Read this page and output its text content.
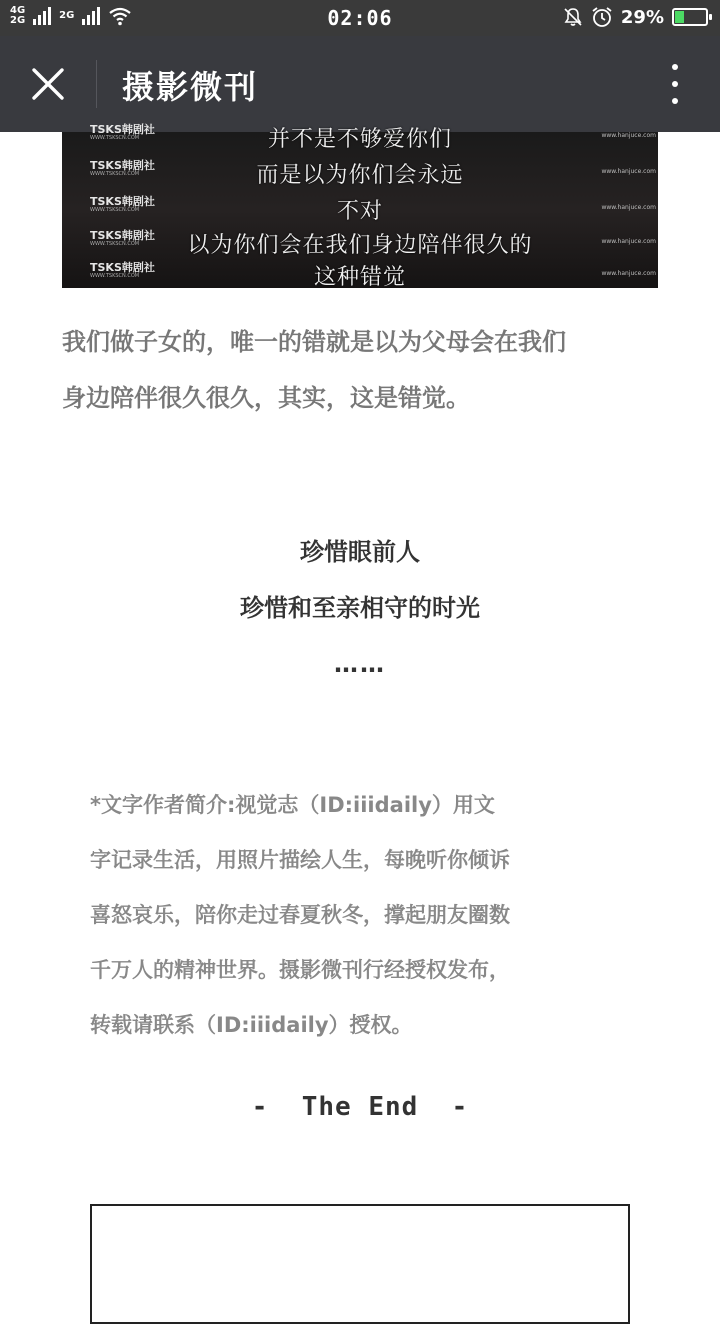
4G
2G	2G	02:06	29%
摄影微刊
TSKS韩剧社
WWW.TSKSCN.COM	并不是不够爱你们	www.hanjuce.com
TSKS韩剧社
WWW.TSKSCN.COM	而是以为你们会永远	www.hanjuce.com
TSKS韩剧社
WWW.TSKSCN.COM	不对	www.hanjuce.com
TSKS韩剧社
WWW.TSKSCN.COM	以为你们会在我们身边陪伴很久的	www.hanjuce.com
TSKS韩剧社
WWW.TSKSCN.COM	这种错觉	www.hanjuce.com

我们做子女的，唯一的错就是以为父母会在我们

身边陪伴很久很久，其实，这是错觉。

珍惜眼前人

珍惜和至亲相守的时光

……

*文字作者简介:视觉志（ID:iiidaily）用文

字记录生活，用照片描绘人生，每晚听你倾诉

喜怒哀乐，陪你走过春夏秋冬，撑起朋友圈数

千万人的精神世界。摄影微刊行经授权发布，

转载请联系（ID:iiidaily）授权。

-  The End  -
